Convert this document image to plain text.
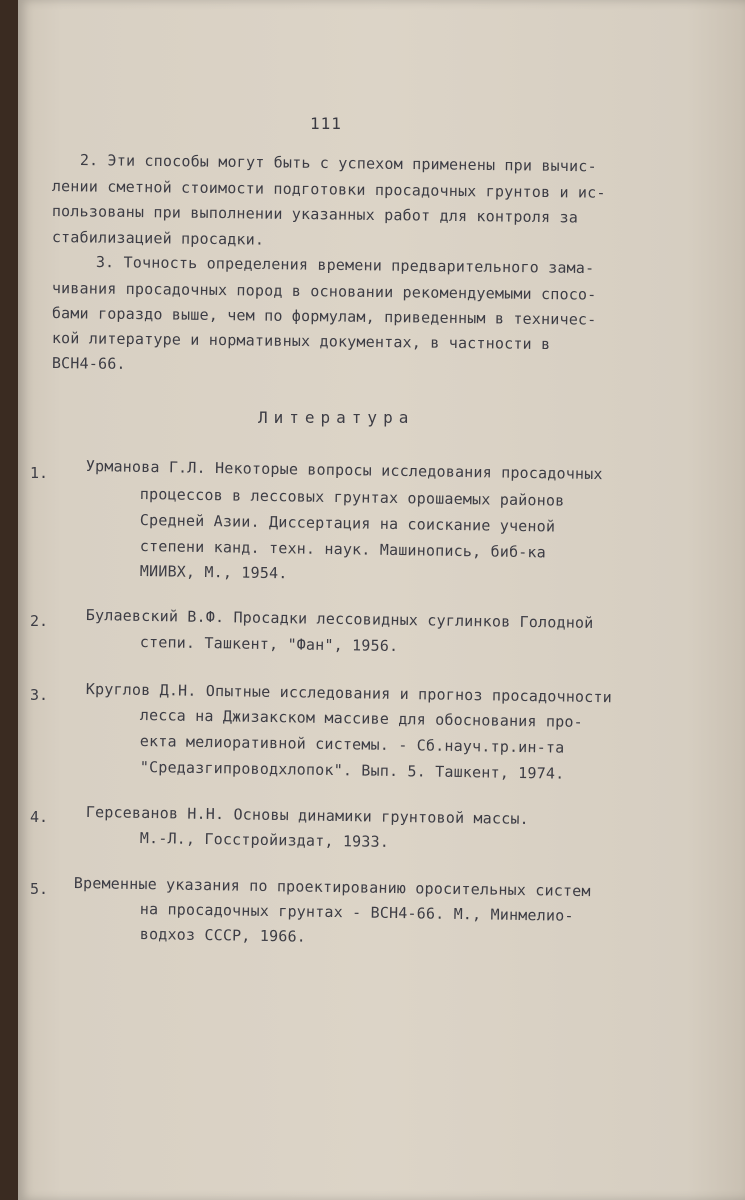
111
2. Эти способы могут быть с успехом применены при вычис-
лении сметной стоимости подготовки просадочных грунтов и ис-
пользованы при выполнении указанных работ для контроля за
стабилизацией просадки.
3. Точность определения времени предварительного зама-
чивания просадочных пород в основании рекомендуемыми спосо-
бами гораздо выше, чем по формулам, приведенным в техничес-
кой литературе и нормативных документах, в частности в
ВСН4-66.
Литература
1.	Урманова Г.Л. Некоторые вопросы исследования просадочных
процессов в лессовых грунтах орошаемых районов
Средней Азии. Диссертация на соискание ученой
степени канд. техн. наук. Машинопись, биб-ка
МИИВХ, М., 1954.
2.	Булаевский В.Ф. Просадки лессовидных суглинков Голодной
степи. Ташкент, "Фан", 1956.
3.	Круглов Д.Н. Опытные исследования и прогноз просадочности
лесса на Джизакском массиве для обоснования про-
екта мелиоративной системы. - Сб.науч.тр.ин-та
"Средазгипроводхлопок". Вып. 5. Ташкент, 1974.
4.	Герсеванов Н.Н. Основы динамики грунтовой массы.
М.-Л., Госстройиздат, 1933.
5. Временные указания по проектированию оросительных систем
на просадочных грунтах - ВСН4-66. М., Минмелио-
водхоз СССР, 1966.
